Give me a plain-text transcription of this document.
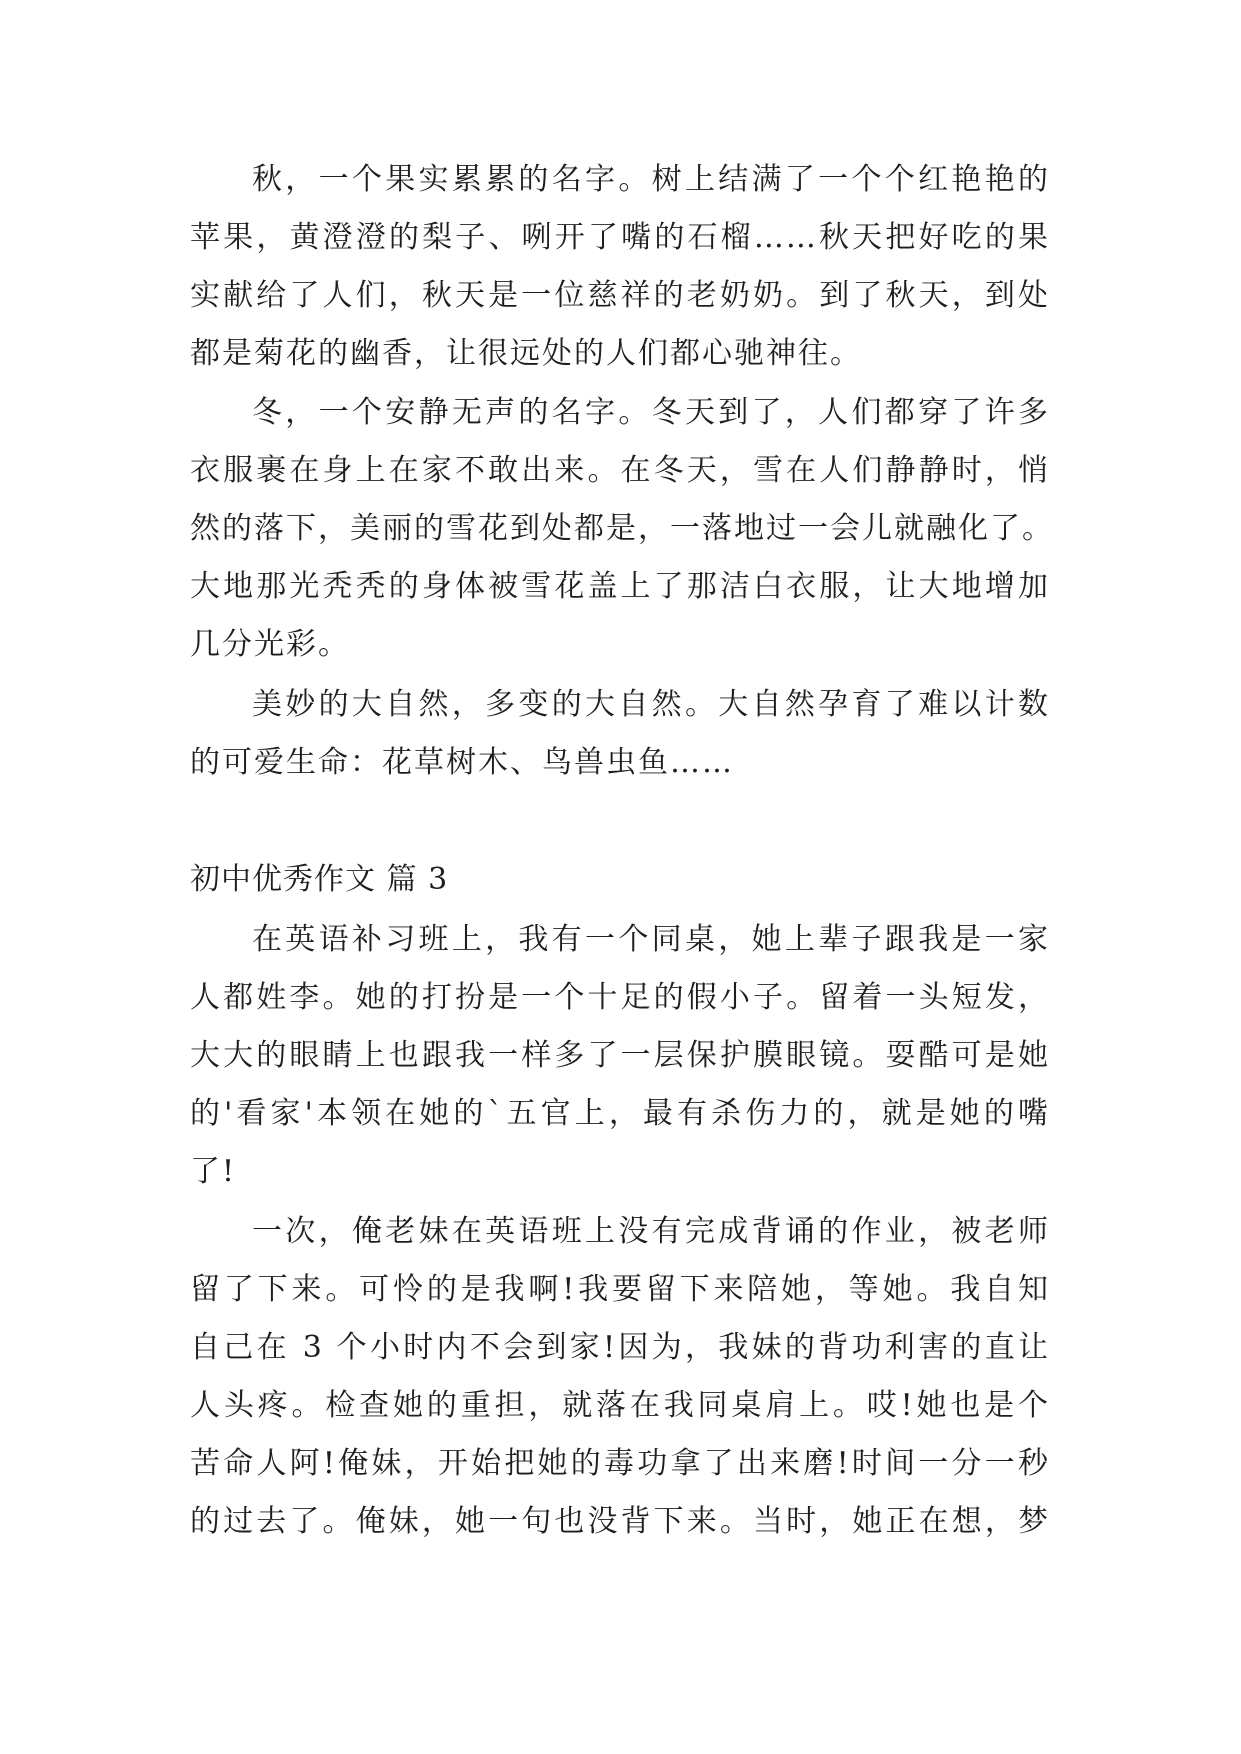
秋，一个果实累累的名字。树上结满了一个个红艳艳的
苹果，黄澄澄的梨子、咧开了嘴的石榴……秋天把好吃的果
实献给了人们，秋天是一位慈祥的老奶奶。到了秋天，到处
都是菊花的幽香，让很远处的人们都心驰神往。
冬，一个安静无声的名字。冬天到了，人们都穿了许多
衣服裹在身上在家不敢出来。在冬天，雪在人们静静时，悄
然的落下，美丽的雪花到处都是，一落地过一会儿就融化了。
大地那光秃秃的身体被雪花盖上了那洁白衣服，让大地增加
几分光彩。
美妙的大自然，多变的大自然。大自然孕育了难以计数
的可爱生命：花草树木、鸟兽虫鱼……
初中优秀作文 篇 3
在英语补习班上，我有一个同桌，她上辈子跟我是一家
人都姓李。她的打扮是一个十足的假小子。留着一头短发，
大大的眼睛上也跟我一样多了一层保护膜眼镜。耍酷可是她
的'看家'本领在她的`五官上，最有杀伤力的，就是她的嘴
了!
一次，俺老妹在英语班上没有完成背诵的作业，被老师
留了下来。可怜的是我啊!我要留下来陪她，等她。我自知
自己在 3 个小时内不会到家!因为，我妹的背功利害的直让
人头疼。检查她的重担，就落在我同桌肩上。哎!她也是个
苦命人阿!俺妹，开始把她的毒功拿了出来磨!时间一分一秒
的过去了。俺妹，她一句也没背下来。当时，她正在想，梦
